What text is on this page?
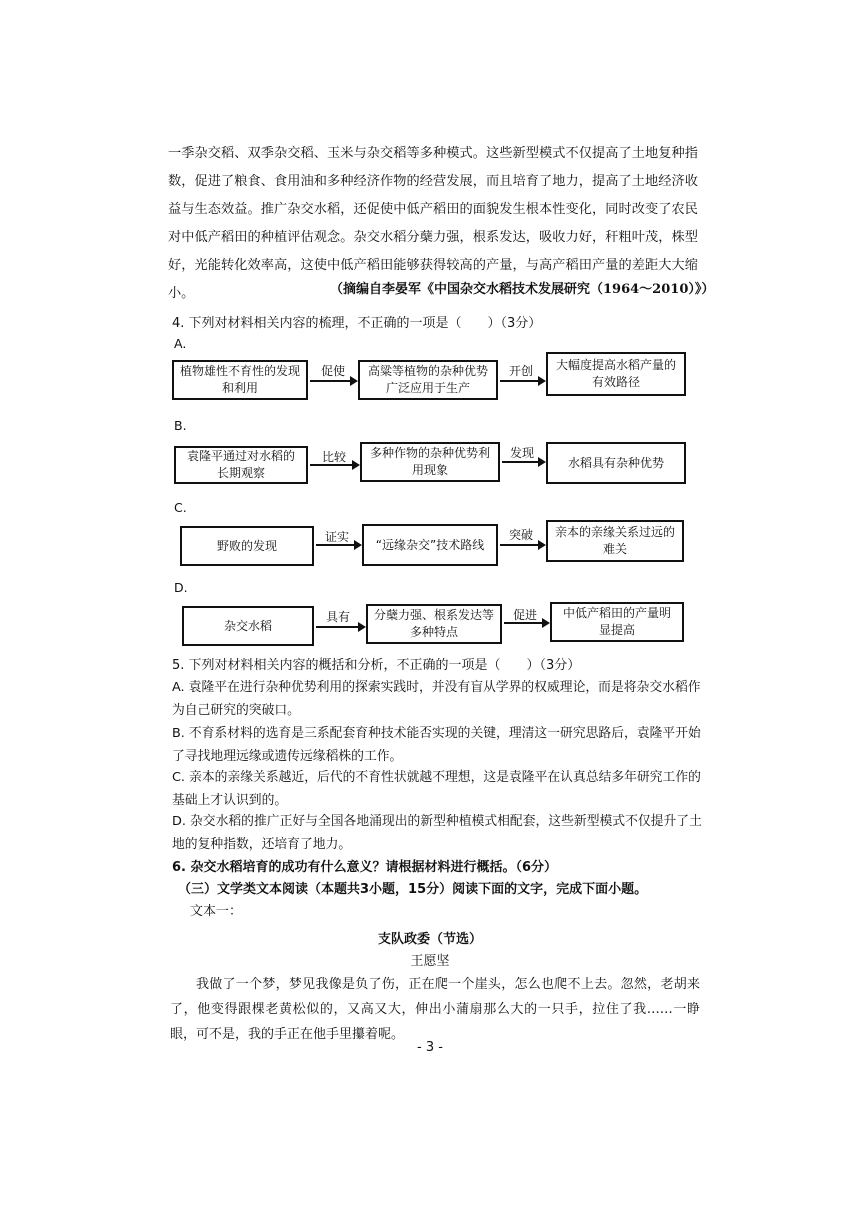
一季杂交稻、双季杂交稻、玉米与杂交稻等多种模式。这些新型模式不仅提高了土地复种指数，促进了粮食、食用油和多种经济作物的经营发展，而且培育了地力，提高了土地经济收益与生态效益。推广杂交水稻，还促使中低产稻田的面貌发生根本性变化，同时改变了农民对中低产稻田的种植评估观念。杂交水稻分蘖力强，根系发达，吸收力好，秆粗叶茂，株型好，光能转化效率高，这使中低产稻田能够获得较高的产量，与高产稻田产量的差距大大缩小。	（摘编自李晏军《中国杂交水稻技术发展研究（1964～2010）》）
4. 下列对材料相关内容的梳理，不正确的一项是（　　）（3分）
A.
植物雄性不育性的发现和利用
促使	高粱等植物的杂种优势广泛应用于生产
开创	大幅度提高水稻产量的有效路径
B.
袁隆平通过对水稻的长期观察
比较	多种作物的杂种优势利用现象
发现
水稻具有杂种优势
C.
野败的发现
证实
“远缘杂交”技术路线
突破	亲本的亲缘关系过远的难关
D.
杂交水稻
具有	分蘖力强、根系发达等多种特点
促进	中低产稻田的产量明显提高
5. 下列对材料相关内容的概括和分析，不正确的一项是（　　）（3分）
A. 袁隆平在进行杂种优势利用的探索实践时，并没有盲从学界的权威理论，而是将杂交水稻作为自己研究的突破口。
B. 不育系材料的选育是三系配套育种技术能否实现的关键，理清这一研究思路后，袁隆平开始了寻找地理远缘或遗传远缘稻株的工作。
C. 亲本的亲缘关系越近，后代的不育性状就越不理想，这是袁隆平在认真总结多年研究工作的基础上才认识到的。
D. 杂交水稻的推广正好与全国各地涌现出的新型种植模式相配套，这些新型模式不仅提升了土地的复种指数，还培育了地力。
6. 杂交水稻培育的成功有什么意义？请根据材料进行概括。（6分）
（三）文学类文本阅读（本题共3小题，15分）阅读下面的文字，完成下面小题。
文本一：
支队政委（节选）
王愿坚
我做了一个梦，梦见我像是负了伤，正在爬一个崖头，怎么也爬不上去。忽然，老胡来了，他变得跟棵老黄松似的，又高又大，伸出小蒲扇那么大的一只手，拉住了我……一睁眼，可不是，我的手正在他手里攥着呢。
- 3 -
